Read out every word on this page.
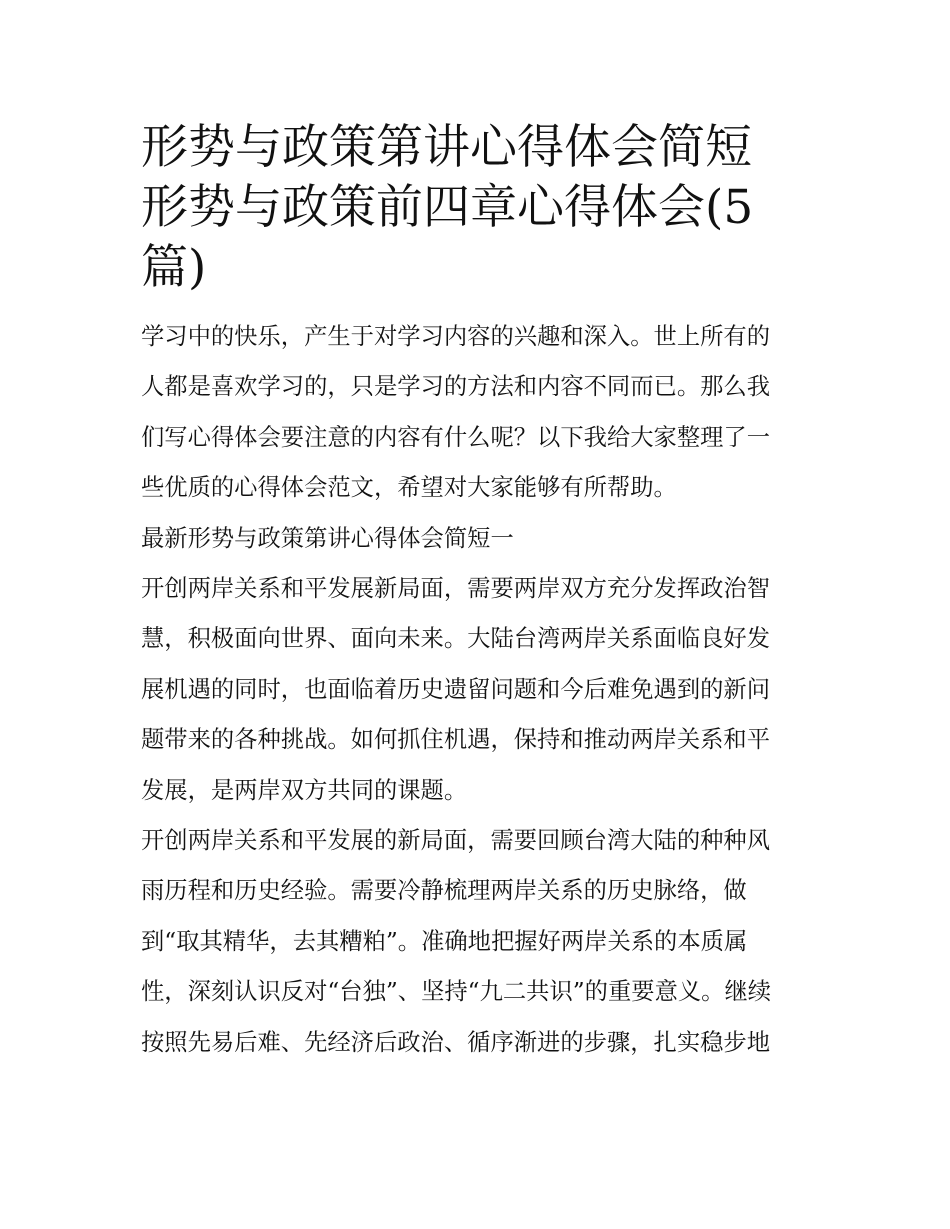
形势与政策第讲心得体会简短
形势与政策前四章心得体会(5
篇)

学习中的快乐，产生于对学习内容的兴趣和深入。世上所有的
人都是喜欢学习的，只是学习的方法和内容不同而已。那么我
们写心得体会要注意的内容有什么呢？以下我给大家整理了一
些优质的心得体会范文，希望对大家能够有所帮助。

最新形势与政策第讲心得体会简短一

开创两岸关系和平发展新局面，需要两岸双方充分发挥政治智
慧，积极面向世界、面向未来。大陆台湾两岸关系面临良好发
展机遇的同时，也面临着历史遗留问题和今后难免遇到的新问
题带来的各种挑战。如何抓住机遇，保持和推动两岸关系和平
发展，是两岸双方共同的课题。

开创两岸关系和平发展的新局面，需要回顾台湾大陆的种种风
雨历程和历史经验。需要冷静梳理两岸关系的历史脉络，做
到“取其精华，去其糟粕”。准确地把握好两岸关系的本质属
性，深刻认识反对“台独”、坚持“九二共识”的重要意义。继续
按照先易后难、先经济后政治、循序渐进的步骤，扎实稳步地
